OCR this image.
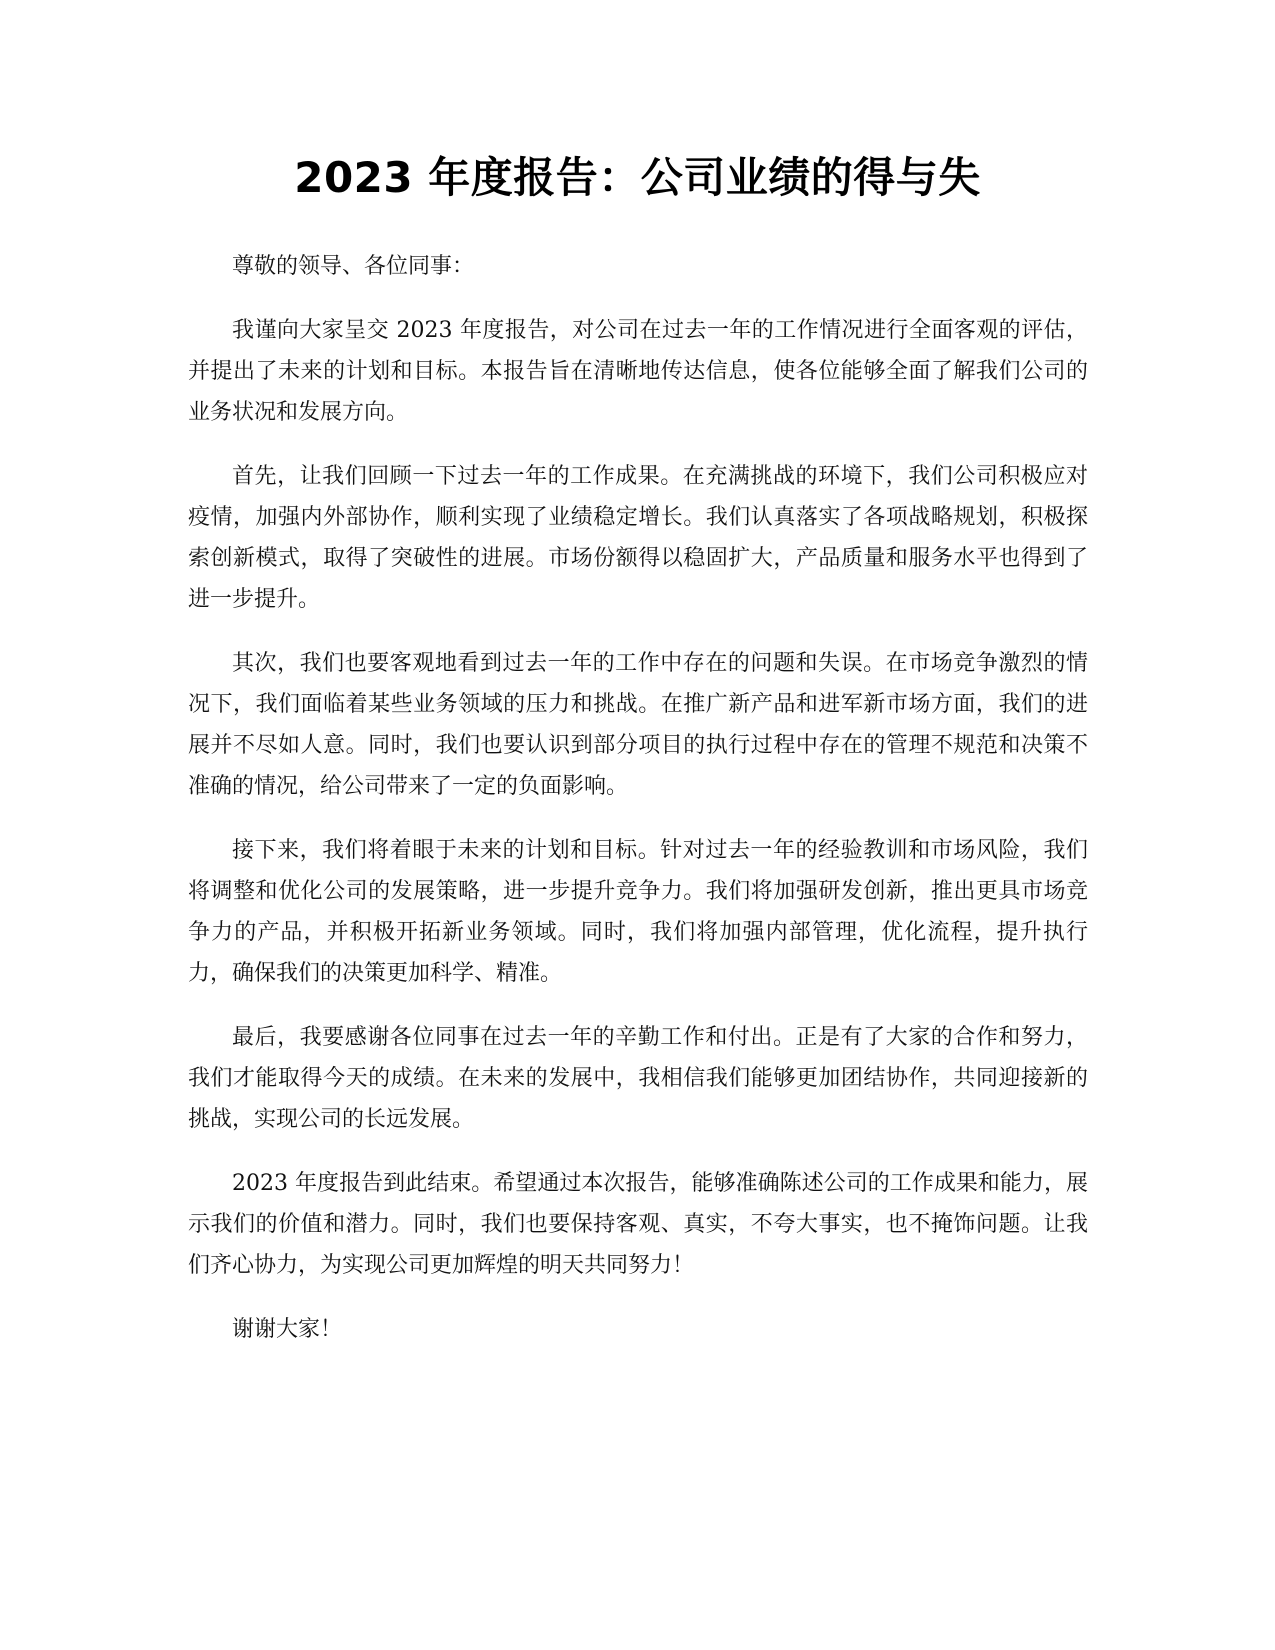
2023 年度报告：公司业绩的得与失

尊敬的领导、各位同事：

我谨向大家呈交 2023 年度报告，对公司在过去一年的工作情况进行全面客观的评估，并提出了未来的计划和目标。本报告旨在清晰地传达信息，使各位能够全面了解我们公司的业务状况和发展方向。

首先，让我们回顾一下过去一年的工作成果。在充满挑战的环境下，我们公司积极应对疫情，加强内外部协作，顺利实现了业绩稳定增长。我们认真落实了各项战略规划，积极探索创新模式，取得了突破性的进展。市场份额得以稳固扩大，产品质量和服务水平也得到了进一步提升。

其次，我们也要客观地看到过去一年的工作中存在的问题和失误。在市场竞争激烈的情况下，我们面临着某些业务领域的压力和挑战。在推广新产品和进军新市场方面，我们的进展并不尽如人意。同时，我们也要认识到部分项目的执行过程中存在的管理不规范和决策不准确的情况，给公司带来了一定的负面影响。

接下来，我们将着眼于未来的计划和目标。针对过去一年的经验教训和市场风险，我们将调整和优化公司的发展策略，进一步提升竞争力。我们将加强研发创新，推出更具市场竞争力的产品，并积极开拓新业务领域。同时，我们将加强内部管理，优化流程，提升执行力，确保我们的决策更加科学、精准。

最后，我要感谢各位同事在过去一年的辛勤工作和付出。正是有了大家的合作和努力，我们才能取得今天的成绩。在未来的发展中，我相信我们能够更加团结协作，共同迎接新的挑战，实现公司的长远发展。

2023 年度报告到此结束。希望通过本次报告，能够准确陈述公司的工作成果和能力，展示我们的价值和潜力。同时，我们也要保持客观、真实，不夸大事实，也不掩饰问题。让我们齐心协力，为实现公司更加辉煌的明天共同努力！

谢谢大家！
